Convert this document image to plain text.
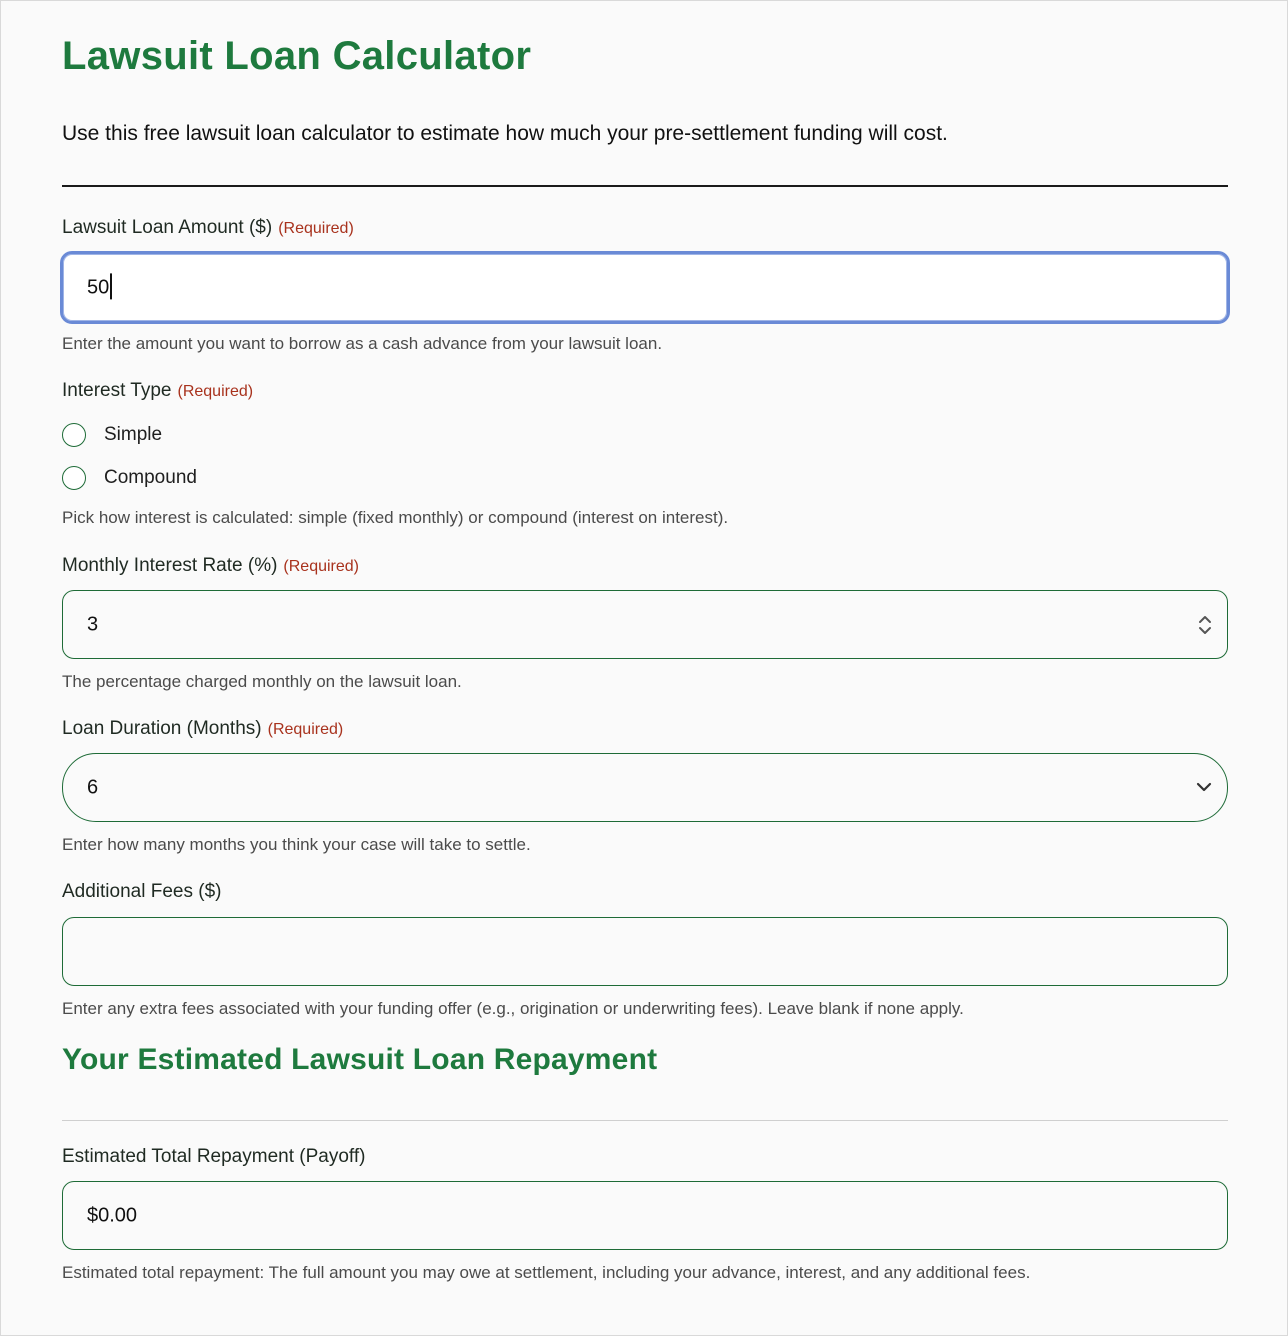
Lawsuit Loan Calculator

Use this free lawsuit loan calculator to estimate how much your pre-settlement funding will cost.

Lawsuit Loan Amount ($) (Required)
50
Enter the amount you want to borrow as a cash advance from your lawsuit loan.
Interest Type (Required)
Simple
Compound
Pick how interest is calculated: simple (fixed monthly) or compound (interest on interest).
Monthly Interest Rate (%) (Required)
3
The percentage charged monthly on the lawsuit loan.
Loan Duration (Months) (Required)
6
Enter how many months you think your case will take to settle.
Additional Fees ($)
Enter any extra fees associated with your funding offer (e.g., origination or underwriting fees). Leave blank if none apply.
Your Estimated Lawsuit Loan Repayment
Estimated Total Repayment (Payoff)
$0.00
Estimated total repayment: The full amount you may owe at settlement, including your advance, interest, and any additional fees.
